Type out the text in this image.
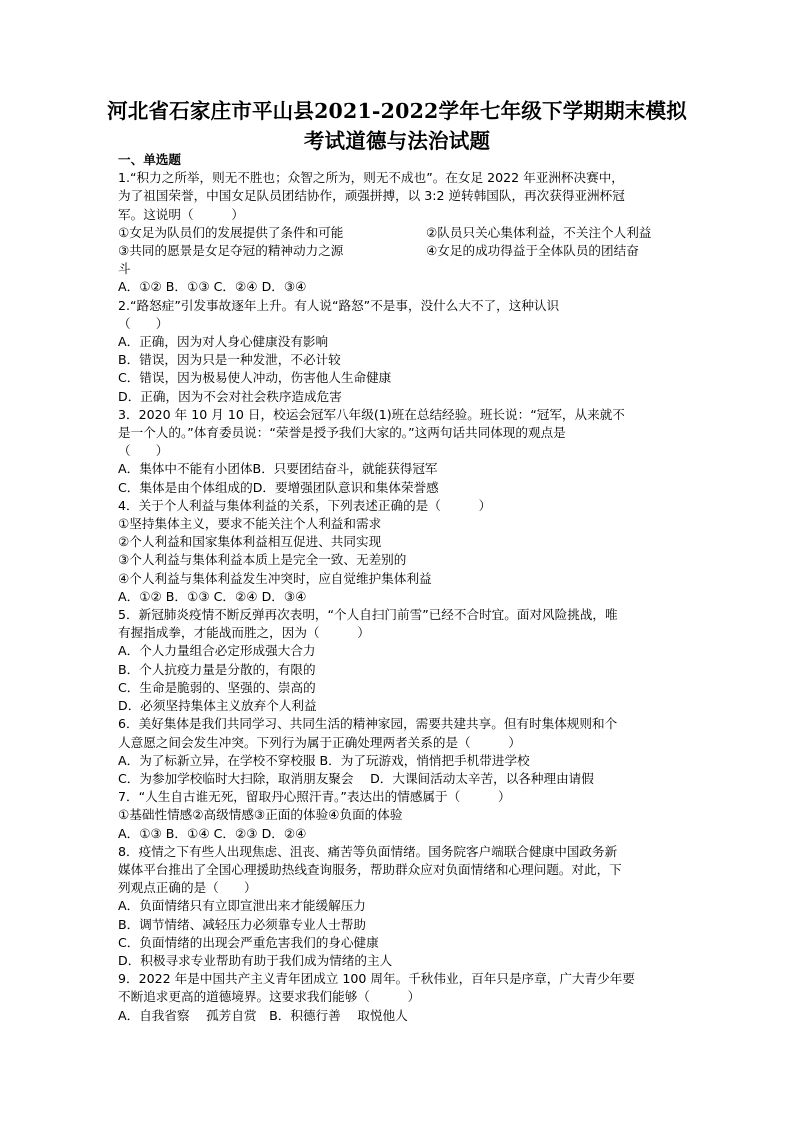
河北省石家庄市平山县2021-2022学年七年级下学期期末模拟
考试道德与法治试题
一、单选题
1.“积力之所举，则无不胜也；众智之所为，则无不成也”。在女足 2022 年亚洲杯决赛中，
为了祖国荣誉，中国女足队员团结协作，顽强拼搏，以 3:2 逆转韩国队，再次获得亚洲杯冠
军。这说明（　　　）
①女足为队员们的发展提供了条件和可能	②队员只关心集体利益，不关注个人利益
③共同的愿景是女足夺冠的精神动力之源	④女足的成功得益于全体队员的团结奋
斗
A．①② B．①③ C．②④ D．③④
2.“路怒症”引发事故逐年上升。有人说“路怒”不是事，没什么大不了，这种认识
（　　）
A．正确，因为对人身心健康没有影响
B．错误，因为只是一种发泄，不必计较
C．错误，因为极易使人冲动，伤害他人生命健康
D．正确，因为不会对社会秩序造成危害
3．2020 年 10 月 10 日，校运会冠军八年级(1)班在总结经验。班长说：“冠军，从来就不
是一个人的。”体育委员说：“荣誉是授予我们大家的。”这两句话共同体现的观点是
（　　）
A．集体中不能有小团体B．只要团结奋斗，就能获得冠军
C．集体是由个体组成的D．要增强团队意识和集体荣誉感
4．关于个人利益与集体利益的关系，下列表述正确的是（　　　）
①坚持集体主义，要求不能关注个人利益和需求
②个人利益和国家集体利益相互促进、共同实现
③个人利益与集体利益本质上是完全一致、无差别的
④个人利益与集体利益发生冲突时，应自觉维护集体利益
A．①② B．①③ C．②④ D．③④
5．新冠肺炎疫情不断反弹再次表明，“个人自扫门前雪”已经不合时宜。面对风险挑战，唯
有握指成拳，才能战而胜之，因为（　　　）
A．个人力量组合必定形成强大合力
B．个人抗疫力量是分散的，有限的
C．生命是脆弱的、坚强的、崇高的
D．必须坚持集体主义放弃个人利益
6．美好集体是我们共同学习、共同生活的精神家园，需要共建共享。但有时集体规则和个
人意愿之间会发生冲突。下列行为属于正确处理两者关系的是（　　　）
A．为了标新立异，在学校不穿校服 B．为了玩游戏，悄悄把手机带进学校
C．为参加学校临时大扫除，取消朋友聚会　 D．大课间活动太辛苦，以各种理由请假
7．“人生自古谁无死，留取丹心照汗青。”表达出的情感属于（　　　）
①基础性情感②高级情感③正面的体验④负面的体验
A．①③ B．①④ C．②③ D．②④
8．疫情之下有些人出现焦虑、沮丧、痛苦等负面情绪。国务院客户端联合健康中国政务新
媒体平台推出了全国心理援助热线查询服务，帮助群众应对负面情绪和心理问题。对此，下
列观点正确的是（　　）
A．负面情绪只有立即宣泄出来才能缓解压力
B．调节情绪、减轻压力必须靠专业人士帮助
C．负面情绪的出现会严重危害我们的身心健康
D．积极寻求专业帮助有助于我们成为情绪的主人
9．2022 年是中国共产主义青年团成立 100 周年。千秋伟业，百年只是序章，广大青少年要
不断追求更高的道德境界。这要求我们能够（　　　）
A．自我省察　 孤芳自赏　B．积德行善　 取悦他人
